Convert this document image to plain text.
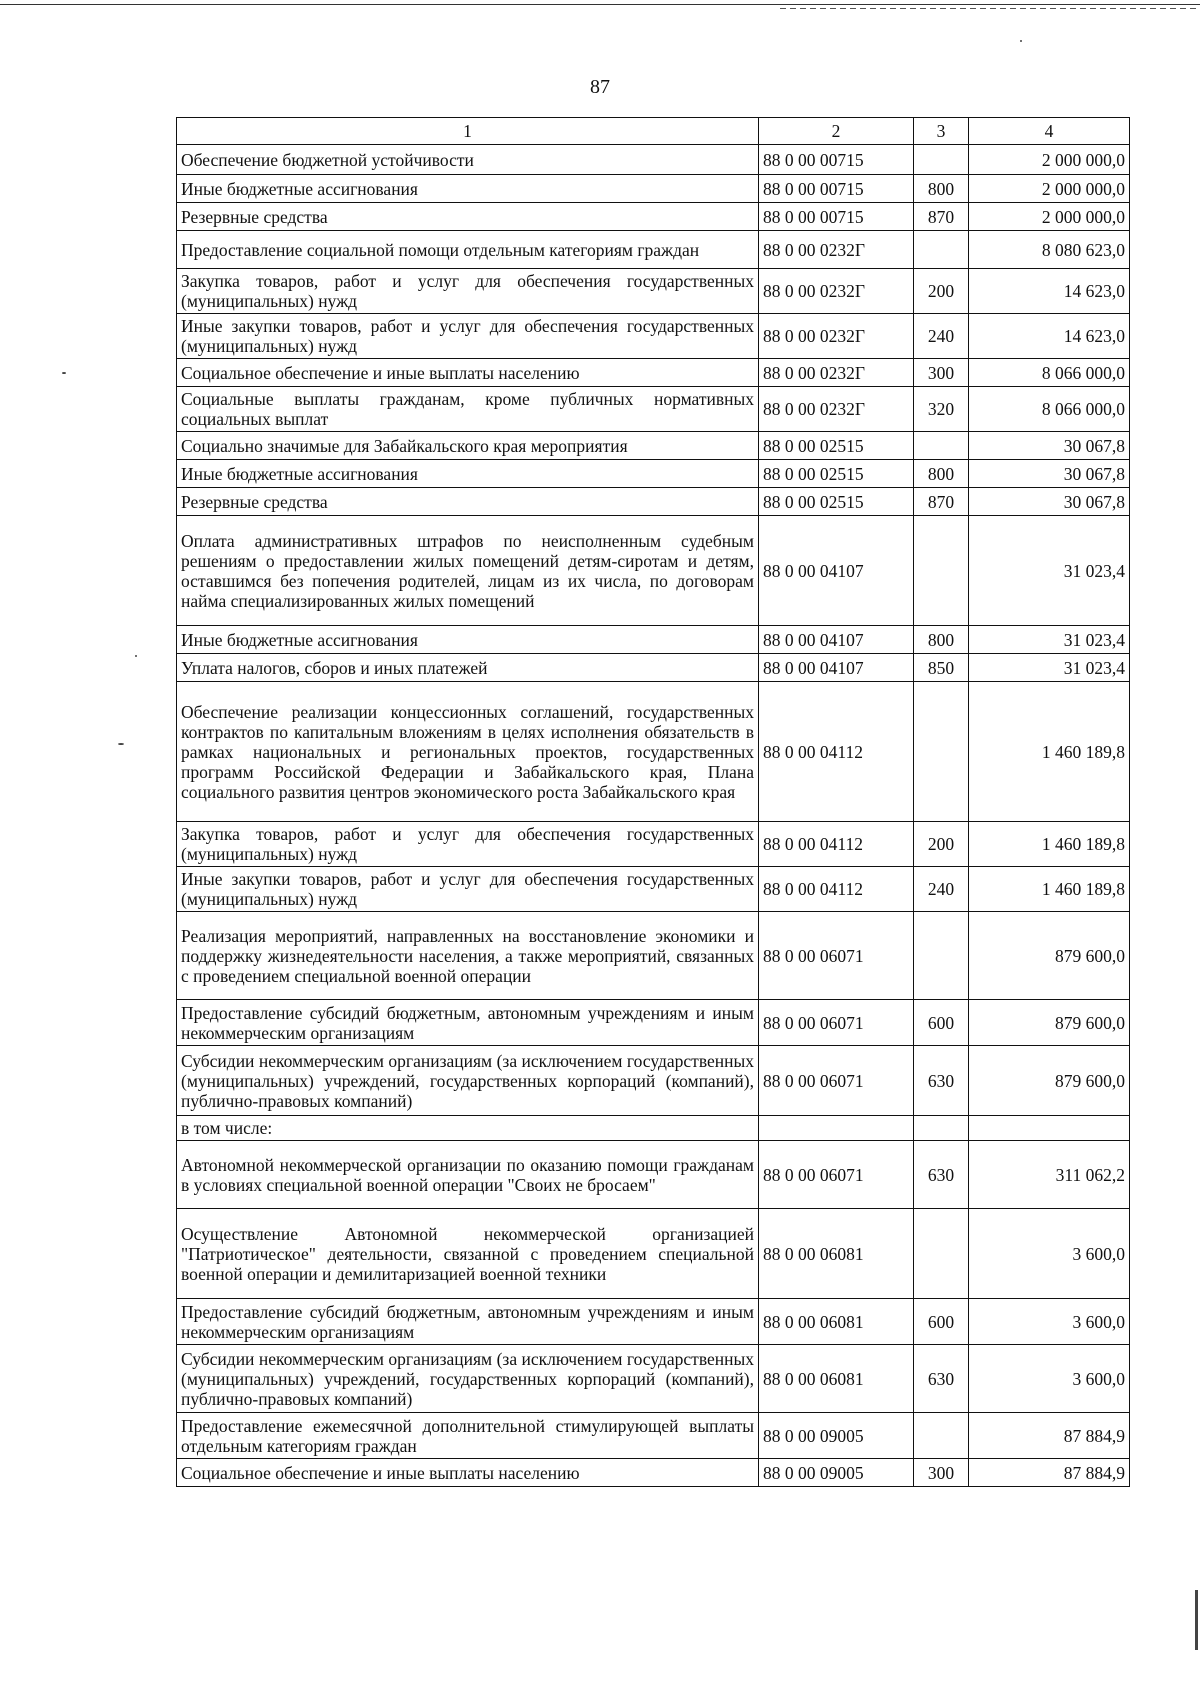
87
1	2	3	4
Обеспечение бюджетной устойчивости	88 0 00 00715		2 000 000,0
Иные бюджетные ассигнования	88 0 00 00715	800	2 000 000,0
Резервные средства	88 0 00 00715	870	2 000 000,0
Предоставление социальной помощи отдельным категориям граждан	88 0 00 0232Г		8 080 623,0
Закупка товаров, работ и услуг для обеспечения государственных (муниципальных) нужд	88 0 00 0232Г	200	14 623,0
Иные закупки товаров, работ и услуг для обеспечения государственных (муниципальных) нужд	88 0 00 0232Г	240	14 623,0
Социальное обеспечение и иные выплаты населению	88 0 00 0232Г	300	8 066 000,0
Социальные выплаты гражданам, кроме публичных нормативных социальных выплат	88 0 00 0232Г	320	8 066 000,0
Социально значимые для Забайкальского края мероприятия	88 0 00 02515		30 067,8
Иные бюджетные ассигнования	88 0 00 02515	800	30 067,8
Резервные средства	88 0 00 02515	870	30 067,8
Оплата административных штрафов по неисполненным судебным решениям о предоставлении жилых помещений детям-сиротам и детям, оставшимся без попечения родителей, лицам из их числа, по договорам найма специализированных жилых помещений	88 0 00 04107		31 023,4
Иные бюджетные ассигнования	88 0 00 04107	800	31 023,4
Уплата налогов, сборов и иных платежей	88 0 00 04107	850	31 023,4
Обеспечение реализации концессионных соглашений, государственных контрактов по капитальным вложениям в целях исполнения обязательств в рамках национальных и региональных проектов, государственных программ Российской Федерации и Забайкальского края, Плана социального развития центров экономического роста Забайкальского края	88 0 00 04112		1 460 189,8
Закупка товаров, работ и услуг для обеспечения государственных (муниципальных) нужд	88 0 00 04112	200	1 460 189,8
Иные закупки товаров, работ и услуг для обеспечения государственных (муниципальных) нужд	88 0 00 04112	240	1 460 189,8
Реализация мероприятий, направленных на восстановление экономики и поддержку жизнедеятельности населения, а также мероприятий, связанных с проведением специальной военной операции	88 0 00 06071		879 600,0
Предоставление субсидий бюджетным, автономным учреждениям и иным некоммерческим организациям	88 0 00 06071	600	879 600,0
Субсидии некоммерческим организациям (за исключением государственных (муниципальных) учреждений, государственных корпораций (компаний), публично-правовых компаний)	88 0 00 06071	630	879 600,0
в том числе:			
Автономной некоммерческой организации по оказанию помощи гражданам в условиях специальной военной операции "Своих не бросаем"	88 0 00 06071	630	311 062,2
Осуществление Автономной некоммерческой организацией "Патриотическое" деятельности, связанной с проведением специальной военной операции и демилитаризацией военной техники	88 0 00 06081		3 600,0
Предоставление субсидий бюджетным, автономным учреждениям и иным некоммерческим организациям	88 0 00 06081	600	3 600,0
Субсидии некоммерческим организациям (за исключением государственных (муниципальных) учреждений, государственных корпораций (компаний), публично-правовых компаний)	88 0 00 06081	630	3 600,0
Предоставление ежемесячной дополнительной стимулирующей выплаты отдельным категориям граждан	88 0 00 09005		87 884,9
Социальное обеспечение и иные выплаты населению	88 0 00 09005	300	87 884,9
